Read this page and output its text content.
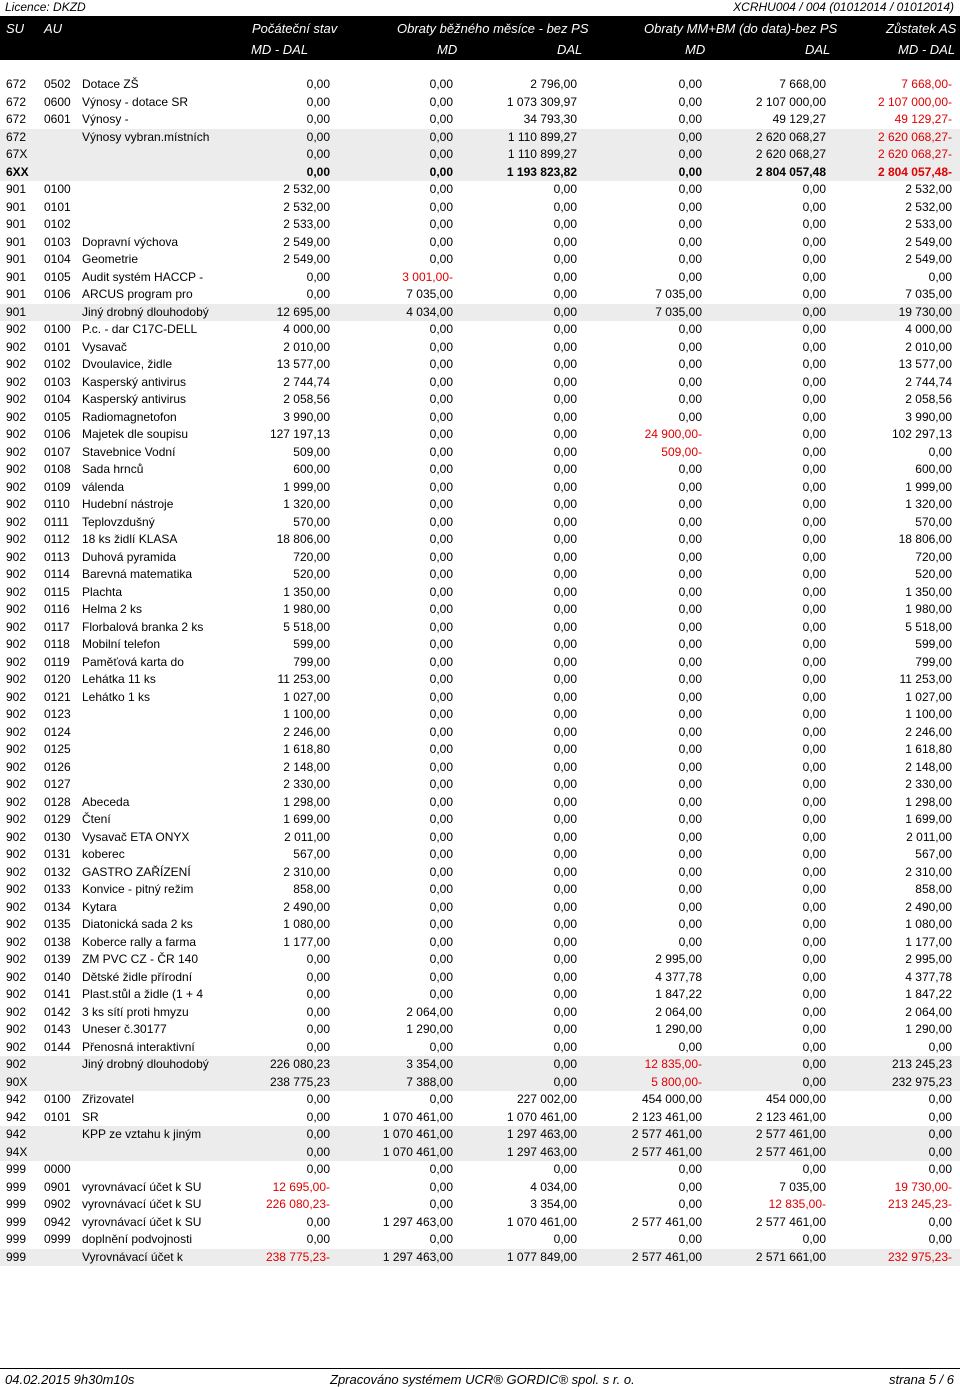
Licence: DKZD	XCRHU004 / 004 (01012014 / 01012014)
SU AU	Počáteční stav	Obraty běžného měsíce - bez PS	Obraty MM+BM (do data)-bez PS	Zůstatek AS
MD - DAL	MD	DAL	MD	DAL	MD - DAL
672 0502 Dotace ZŠ	0,00	0,00	2 796,00	0,00	7 668,00	7 668,00-
672 0600 Výnosy - dotace SR	0,00	0,00	1 073 309,97	0,00	2 107 000,00	2 107 000,00-
672 0601 Výnosy -	0,00	0,00	34 793,30	0,00	49 129,27	49 129,27-
672	Výnosy vybran.místních	0,00	0,00	1 110 899,27	0,00	2 620 068,27	2 620 068,27-
67X	0,00	0,00	1 110 899,27	0,00	2 620 068,27	2 620 068,27-
6XX	0,00	0,00	1 193 823,82	0,00	2 804 057,48	2 804 057,48-
901 0100	2 532,00	0,00	0,00	0,00	0,00	2 532,00
901 0101	2 532,00	0,00	0,00	0,00	0,00	2 532,00
901 0102	2 533,00	0,00	0,00	0,00	0,00	2 533,00
901 0103 Dopravní výchova	2 549,00	0,00	0,00	0,00	0,00	2 549,00
901 0104 Geometrie	2 549,00	0,00	0,00	0,00	0,00	2 549,00
901 0105 Audit systém HACCP -	0,00	3 001,00-	0,00	0,00	0,00	0,00
901 0106 ARCUS program pro	0,00	7 035,00	0,00	7 035,00	0,00	7 035,00
901	Jiný drobný dlouhodobý	12 695,00	4 034,00	0,00	7 035,00	0,00	19 730,00
902 0100 P.c. - dar C17C-DELL	4 000,00	0,00	0,00	0,00	0,00	4 000,00
902 0101 Vysavač	2 010,00	0,00	0,00	0,00	0,00	2 010,00
902 0102 Dvoulavice, židle	13 577,00	0,00	0,00	0,00	0,00	13 577,00
902 0103 Kasperský antivirus	2 744,74	0,00	0,00	0,00	0,00	2 744,74
902 0104 Kasperský antivirus	2 058,56	0,00	0,00	0,00	0,00	2 058,56
902 0105 Radiomagnetofon	3 990,00	0,00	0,00	0,00	0,00	3 990,00
902 0106 Majetek dle soupisu	127 197,13	0,00	0,00	24 900,00-	0,00	102 297,13
902 0107 Stavebnice Vodní	509,00	0,00	0,00	509,00-	0,00	0,00
902 0108 Sada hrnců	600,00	0,00	0,00	0,00	0,00	600,00
902 0109 válenda	1 999,00	0,00	0,00	0,00	0,00	1 999,00
902 0110 Hudební nástroje	1 320,00	0,00	0,00	0,00	0,00	1 320,00
902 0111 Teplovzdušný	570,00	0,00	0,00	0,00	0,00	570,00
902 0112 18 ks židlí KLASA	18 806,00	0,00	0,00	0,00	0,00	18 806,00
902 0113 Duhová pyramida	720,00	0,00	0,00	0,00	0,00	720,00
902 0114 Barevná matematika	520,00	0,00	0,00	0,00	0,00	520,00
902 0115 Plachta	1 350,00	0,00	0,00	0,00	0,00	1 350,00
902 0116 Helma 2 ks	1 980,00	0,00	0,00	0,00	0,00	1 980,00
902 0117 Florbalová branka 2 ks	5 518,00	0,00	0,00	0,00	0,00	5 518,00
902 0118 Mobilní telefon	599,00	0,00	0,00	0,00	0,00	599,00
902 0119 Paměťová karta do	799,00	0,00	0,00	0,00	0,00	799,00
902 0120 Lehátka 11 ks	11 253,00	0,00	0,00	0,00	0,00	11 253,00
902 0121 Lehátko 1 ks	1 027,00	0,00	0,00	0,00	0,00	1 027,00
902 0123	1 100,00	0,00	0,00	0,00	0,00	1 100,00
902 0124	2 246,00	0,00	0,00	0,00	0,00	2 246,00
902 0125	1 618,80	0,00	0,00	0,00	0,00	1 618,80
902 0126	2 148,00	0,00	0,00	0,00	0,00	2 148,00
902 0127	2 330,00	0,00	0,00	0,00	0,00	2 330,00
902 0128 Abeceda	1 298,00	0,00	0,00	0,00	0,00	1 298,00
902 0129 Čtení	1 699,00	0,00	0,00	0,00	0,00	1 699,00
902 0130 Vysavač ETA ONYX	2 011,00	0,00	0,00	0,00	0,00	2 011,00
902 0131 koberec	567,00	0,00	0,00	0,00	0,00	567,00
902 0132 GASTRO ZAŘÍZENÍ	2 310,00	0,00	0,00	0,00	0,00	2 310,00
902 0133 Konvice - pitný režim	858,00	0,00	0,00	0,00	0,00	858,00
902 0134 Kytara	2 490,00	0,00	0,00	0,00	0,00	2 490,00
902 0135 Diatonická sada 2 ks	1 080,00	0,00	0,00	0,00	0,00	1 080,00
902 0138 Koberce rally a farma	1 177,00	0,00	0,00	0,00	0,00	1 177,00
902 0139 ZM PVC CZ - ČR 140	0,00	0,00	0,00	2 995,00	0,00	2 995,00
902 0140 Dětské židle přírodní	0,00	0,00	0,00	4 377,78	0,00	4 377,78
902 0141 Plast.stůl a židle (1 + 4	0,00	0,00	0,00	1 847,22	0,00	1 847,22
902 0142 3 ks sítí proti hmyzu	0,00	2 064,00	0,00	2 064,00	0,00	2 064,00
902 0143 Uneser č.30177	0,00	1 290,00	0,00	1 290,00	0,00	1 290,00
902 0144 Přenosná interaktivní	0,00	0,00	0,00	0,00	0,00	0,00
902	Jiný drobný dlouhodobý	226 080,23	3 354,00	0,00	12 835,00-	0,00	213 245,23
90X	238 775,23	7 388,00	0,00	5 800,00-	0,00	232 975,23
942 0100 Zřizovatel	0,00	0,00	227 002,00	454 000,00	454 000,00	0,00
942 0101 SR	0,00	1 070 461,00	1 070 461,00	2 123 461,00	2 123 461,00	0,00
942	KPP ze vztahu k jiným	0,00	1 070 461,00	1 297 463,00	2 577 461,00	2 577 461,00	0,00
94X	0,00	1 070 461,00	1 297 463,00	2 577 461,00	2 577 461,00	0,00
999 0000	0,00	0,00	0,00	0,00	0,00	0,00
999 0901 vyrovnávací účet k SU	12 695,00-	0,00	4 034,00	0,00	7 035,00	19 730,00-
999 0902 vyrovnávací účet k SU	226 080,23-	0,00	3 354,00	0,00	12 835,00-	213 245,23-
999 0942 vyrovnávací účet k SU	0,00	1 297 463,00	1 070 461,00	2 577 461,00	2 577 461,00	0,00
999 0999 doplnění podvojnosti	0,00	0,00	0,00	0,00	0,00	0,00
999	Vyrovnávací účet k	238 775,23-	1 297 463,00	1 077 849,00	2 577 461,00	2 571 661,00	232 975,23-
04.02.2015 9h30m10s	Zpracováno systémem UCR® GORDIC® spol. s r. o.	strana 5 / 6
